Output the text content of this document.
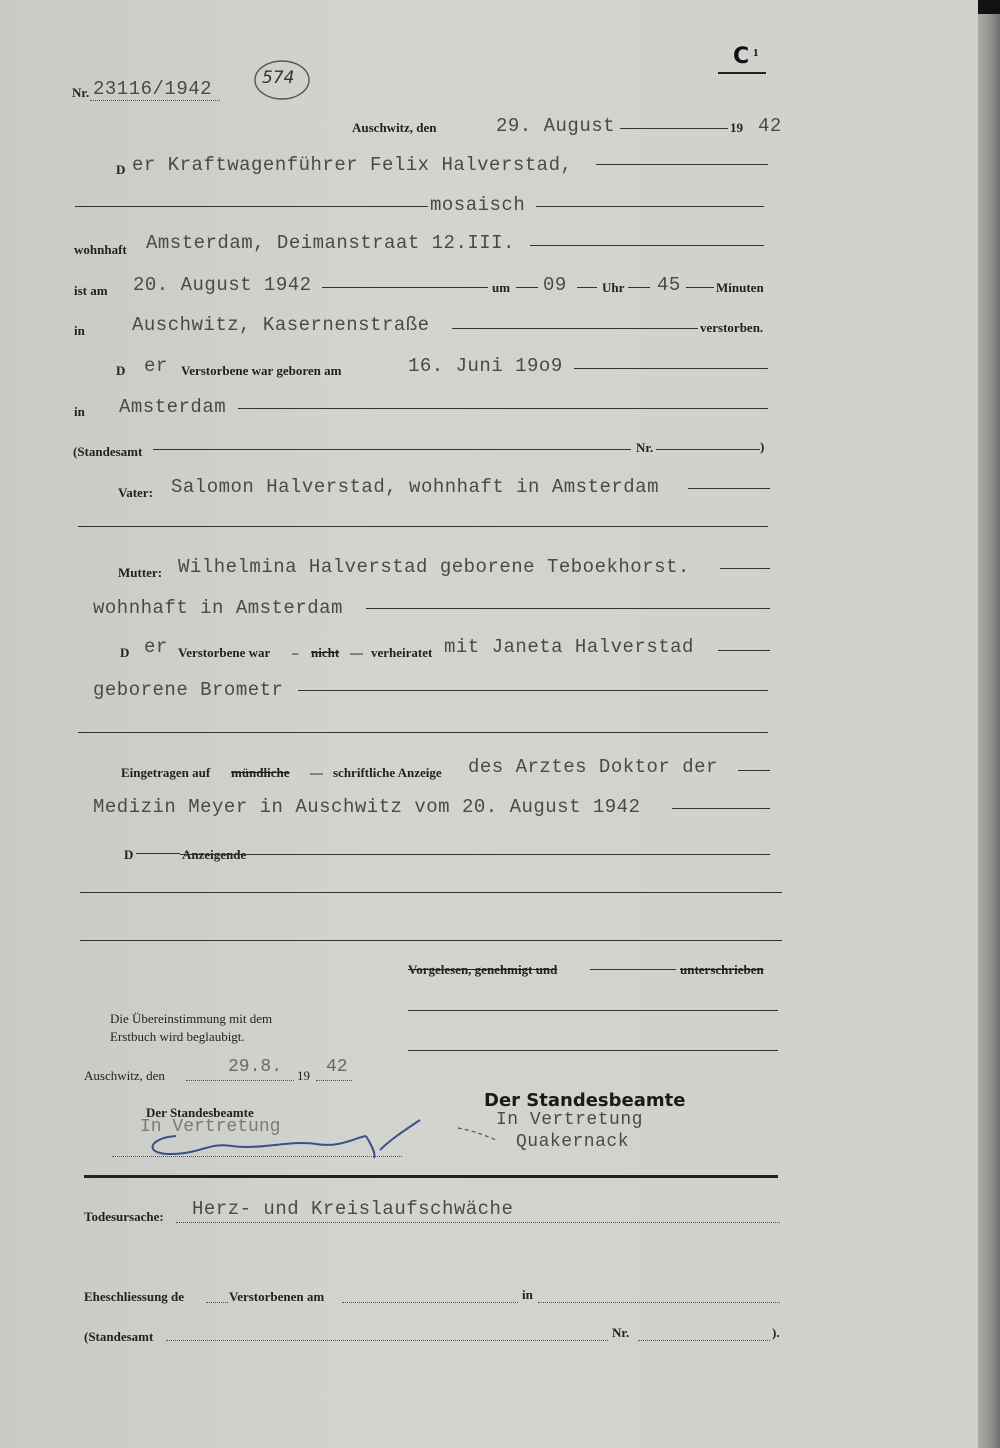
Nr. 23116/1942	574
C 1
Auschwitz, den	29. August	19 42
D er Kraftwagenführer Felix Halverstad,
mosaisch
wohnhaft Amsterdam, Deimanstraat 12.III.
ist am 20. August 1942	um 09	Uhr 45	Minuten
in Auschwitz, Kasernenstraße	verstorben.
D er Verstorbene war geboren am	16. Juni 19o9
in Amsterdam
(Standesamt	Nr.	)
Vater: Salomon Halverstad, wohnhaft in Amsterdam
Mutter: Wilhelmina Halverstad geborene Teboekhorst.
wohnhaft in Amsterdam
D er Verstorbene war – nicht — verheiratet mit Janeta Halverstad
geborene Brometr
Eingetragen auf mündliche — schriftliche Anzeige des Arztes Doktor der
Medizin Meyer in Auschwitz vom 20. August 1942
D	Anzeigende
Vorgelesen, genehmigt und	unterschrieben
Die Übereinstimmung mit dem
Erstbuch wird beglaubigt.
Auschwitz, den	29.8. 19 42
Der Standesbeamte
In Vertretung
Der Standesbeamte
In Vertretung
Quakernack
Todesursache: Herz- und Kreislaufschwäche
Eheschliessung de	Verstorbenen am	in
(Standesamt	Nr.	).
